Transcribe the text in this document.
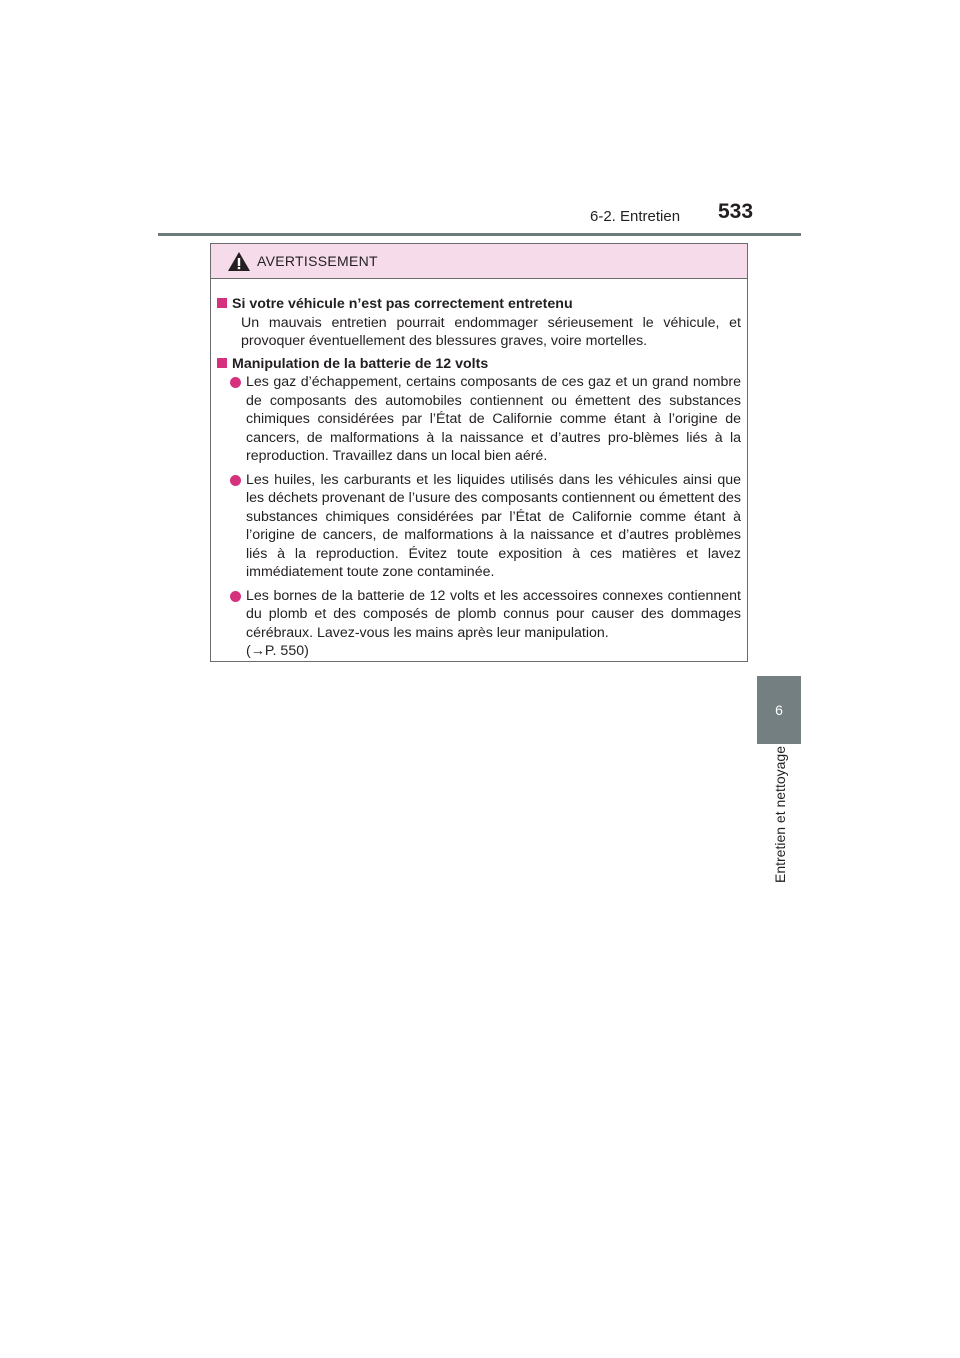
6-2. Entretien 533
6
Entretien et nettoyage
AVERTISSEMENT
Si votre véhicule n’est pas correctement entretenu
Un mauvais entretien pourrait endommager sérieusement le véhicule, et provoquer éventuellement des blessures graves, voire mortelles.
Manipulation de la batterie de 12 volts
Les gaz d’échappement, certains composants de ces gaz et un grand nombre de composants des automobiles contiennent ou émettent des substances chimiques considérées par l’État de Californie comme étant à l’origine de cancers, de malformations à la naissance et d’autres pro-blèmes liés à la reproduction. Travaillez dans un local bien aéré.
Les huiles, les carburants et les liquides utilisés dans les véhicules ainsi que les déchets provenant de l’usure des composants contiennent ou émettent des substances chimiques considérées par l’État de Californie comme étant à l’origine de cancers, de malformations à la naissance et d’autres problèmes liés à la reproduction. Évitez toute exposition à ces matières et lavez immédiatement toute zone contaminée.
Les bornes de la batterie de 12 volts et les accessoires connexes contiennent du plomb et des composés de plomb connus pour causer des dommages cérébraux. Lavez-vous les mains après leur manipulation.
(→P. 550)
